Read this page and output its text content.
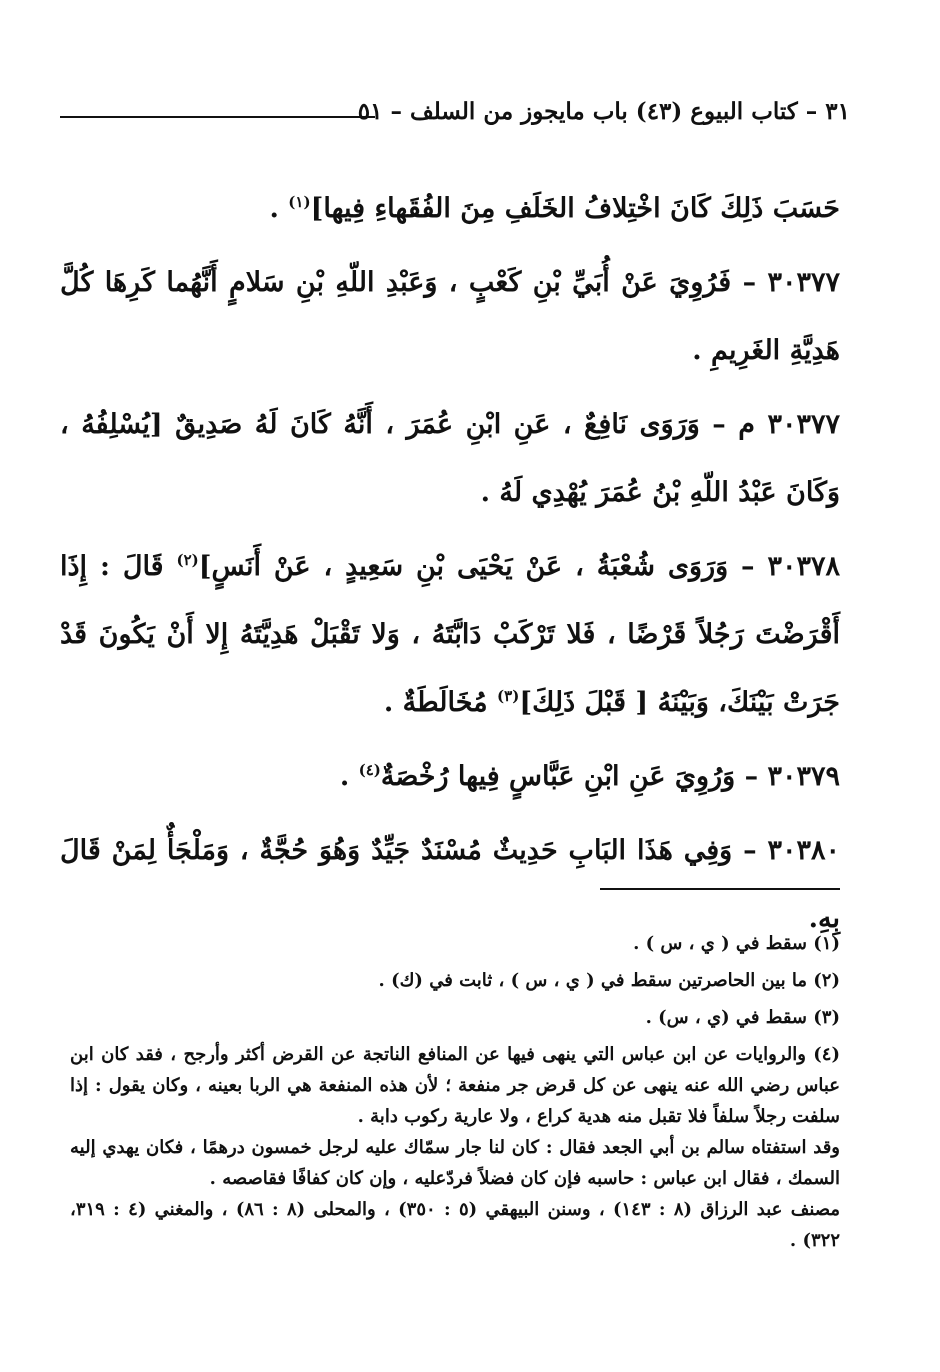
٣١ – كتاب البيوع (٤٣) باب مايجوز من السلف – ٥١

حَسَبَ ذَلِكَ كَانَ اخْتِلافُ الخَلَفِ مِنَ الفُقَهاءِ فِيها]$^{(١)}$ .

٣٠٣٧٧ – فَرُوِيَ عَنْ أُبَيِّ بْنِ كَعْبٍ ، وَعَبْدِ اللّهِ بْنِ سَلامٍ أَنَّهُما كَرِهَا كُلَّ هَدِيَّةِ الغَرِيمِ .

٣٠٣٧٧ م – وَرَوَى نَافِعٌ ، عَنِ ابْنِ عُمَرَ ، أَنَّهُ كَانَ لَهُ صَدِيقٌ [يُسْلِفُهُ ، وَكَانَ عَبْدُ اللّهِ بْنُ عُمَرَ يُهْدِي لَهُ .

٣٠٣٧٨ – وَرَوَى شُعْبَةُ ، عَنْ يَحْيَى بْنِ سَعِيدٍ ، عَنْ أَنَسٍ]$^{(٢)}$ قَالَ : إِذَا أَقْرَضْتَ رَجُلاً قَرْضًا ، فَلا تَرْكَبْ دَابَّتَهُ ، وَلا تَقْبَلْ هَدِيَّتَهُ إِلا أَنْ يَكُونَ قَدْ جَرَتْ بَيْنَكَ، وَبَيْنَهُ [ قَبْلَ ذَلِكَ]$^{(٣)}$ مُخَالَطَةٌ .

٣٠٣٧٩ – وَرُوِيَ عَنِ ابْنِ عَبَّاسٍ فِيها رُخْصَةٌ$^{(٤)}$ .

٣٠٣٨٠ – وَفِي هَذَا البَابِ حَدِيثٌ مُسْنَدٌ جَيِّدٌ وَهُوَ حُجَّةٌ ، وَمَلْجَأٌ لِمَنْ قَالَ بِهِ.

(١) سقط في ( ي ، س ) .

(٢) ما بين الحاصرتين سقط في ( ي ، س ) ، ثابت في (ك) .

(٣) سقط في (ي ، س) .

(٤) والروايات عن ابن عباس التي ينهى فيها عن المنافع الناتجة عن القرض أكثر وأرجح ، فقد كان ابن عباس رضي الله عنه ينهى عن كل قرض جر منفعة ؛ لأن هذه المنفعة هي الربا بعينه ، وكان يقول : إذا سلفت رجلاً سلفاً فلا تقبل منه هدية كراع ، ولا عارية ركوب دابة .

وقد استفتاه سالم بن أبي الجعد فقال : كان لنا جار سمّاك عليه لرجل خمسون درهمًا ، فكان يهدي إليه السمك ، فقال ابن عباس : حاسبه فإن كان فضلاً فردّعليه ، وإن كان كفافًا فقاصصه .

مصنف عبد الرزاق (٨ : ١٤٣) ، وسنن البيهقي (٥ : ٣٥٠) ، والمحلى (٨ : ٨٦) ، والمغني (٤ : ٣١٩، ٣٢٢) .
